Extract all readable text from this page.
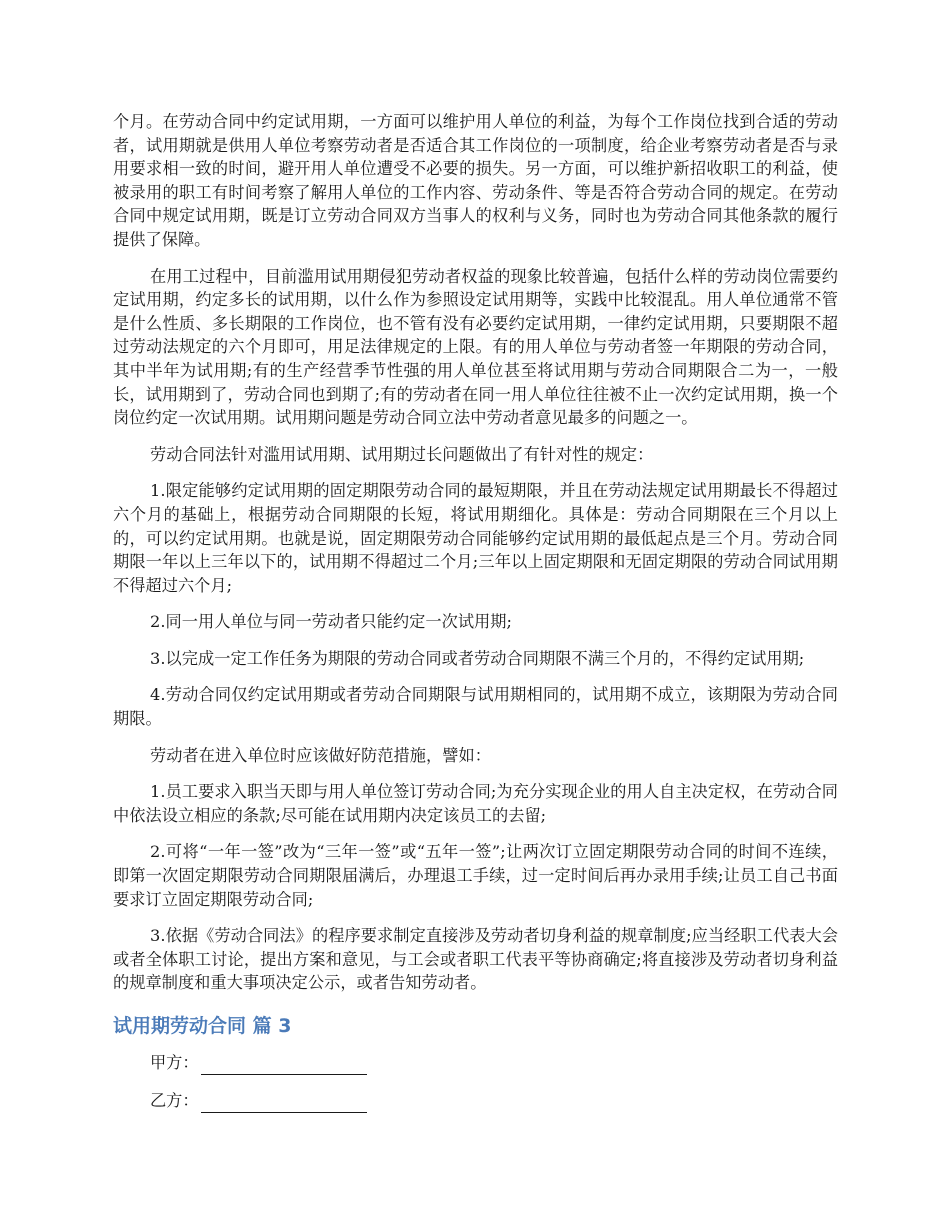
个月。在劳动合同中约定试用期，一方面可以维护用人单位的利益，为每个工作岗位找到合适的劳动者，试用期就是供用人单位考察劳动者是否适合其工作岗位的一项制度，给企业考察劳动者是否与录用要求相一致的时间，避开用人单位遭受不必要的损失。另一方面，可以维护新招收职工的利益，使被录用的职工有时间考察了解用人单位的工作内容、劳动条件、等是否符合劳动合同的规定。在劳动合同中规定试用期，既是订立劳动合同双方当事人的权利与义务，同时也为劳动合同其他条款的履行提供了保障。

在用工过程中，目前滥用试用期侵犯劳动者权益的现象比较普遍，包括什么样的劳动岗位需要约定试用期，约定多长的试用期，以什么作为参照设定试用期等，实践中比较混乱。用人单位通常不管是什么性质、多长期限的工作岗位，也不管有没有必要约定试用期，一律约定试用期，只要期限不超过劳动法规定的六个月即可，用足法律规定的上限。有的用人单位与劳动者签一年期限的劳动合同，其中半年为试用期;有的生产经营季节性强的用人单位甚至将试用期与劳动合同期限合二为一，一般长，试用期到了，劳动合同也到期了;有的劳动者在同一用人单位往往被不止一次约定试用期，换一个岗位约定一次试用期。试用期问题是劳动合同立法中劳动者意见最多的问题之一。

劳动合同法针对滥用试用期、试用期过长问题做出了有针对性的规定：

1.限定能够约定试用期的固定期限劳动合同的最短期限，并且在劳动法规定试用期最长不得超过六个月的基础上，根据劳动合同期限的长短，将试用期细化。具体是：劳动合同期限在三个月以上的，可以约定试用期。也就是说，固定期限劳动合同能够约定试用期的最低起点是三个月。劳动合同期限一年以上三年以下的，试用期不得超过二个月;三年以上固定期限和无固定期限的劳动合同试用期不得超过六个月;

2.同一用人单位与同一劳动者只能约定一次试用期;

3.以完成一定工作任务为期限的劳动合同或者劳动合同期限不满三个月的，不得约定试用期;

4.劳动合同仅约定试用期或者劳动合同期限与试用期相同的，试用期不成立，该期限为劳动合同期限。

劳动者在进入单位时应该做好防范措施，譬如：

1.员工要求入职当天即与用人单位签订劳动合同;为充分实现企业的用人自主决定权，在劳动合同中依法设立相应的条款;尽可能在试用期内决定该员工的去留;

2.可将“一年一签”改为“三年一签”或“五年一签”;让两次订立固定期限劳动合同的时间不连续，即第一次固定期限劳动合同期限届满后，办理退工手续，过一定时间后再办录用手续;让员工自己书面要求订立固定期限劳动合同;

3.依据《劳动合同法》的程序要求制定直接涉及劳动者切身利益的规章制度;应当经职工代表大会或者全体职工讨论，提出方案和意见，与工会或者职工代表平等协商确定;将直接涉及劳动者切身利益的规章制度和重大事项决定公示，或者告知劳动者。

试用期劳动合同 篇 3
甲方：
乙方：
